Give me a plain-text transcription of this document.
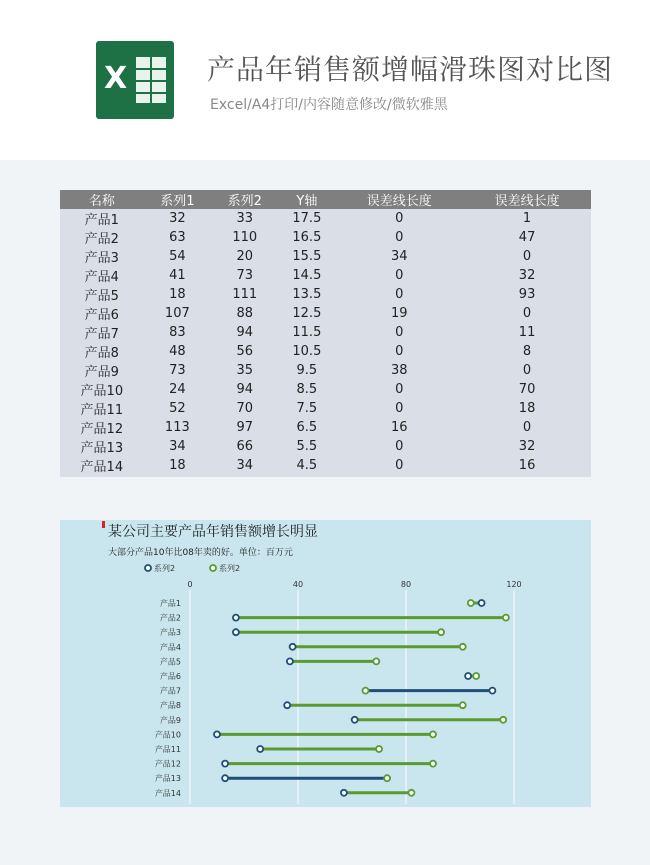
X	产品年销售额增幅滑珠图对比图
Excel/A4打印/内容随意修改/微软雅黑
名称	系列1	系列2	Y轴	误差线长度	误差线长度
产品1	32	33	17.5	0	1
产品2	63	110	16.5	0	47
产品3	54	20	15.5	34	0
产品4	41	73	14.5	0	32
产品5	18	111	13.5	0	93
产品6	107	88	12.5	19	0
产品7	83	94	11.5	0	11
产品8	48	56	10.5	0	8
产品9	73	35	9.5	38	0
产品10	24	94	8.5	0	70
产品11	52	70	7.5	0	18
产品12	113	97	6.5	16	0
产品13	34	66	5.5	0	32
产品14	18	34	4.5	0	16
某公司主要产品年销售额增长明显
大部分产品10年比08年卖的好。单位：百万元
系列2	系列2
0	40	80	120
产品1
产品2
产品3
产品4
产品5
产品6
产品7
产品8
产品9
产品10
产品11
产品12
产品13
产品14
